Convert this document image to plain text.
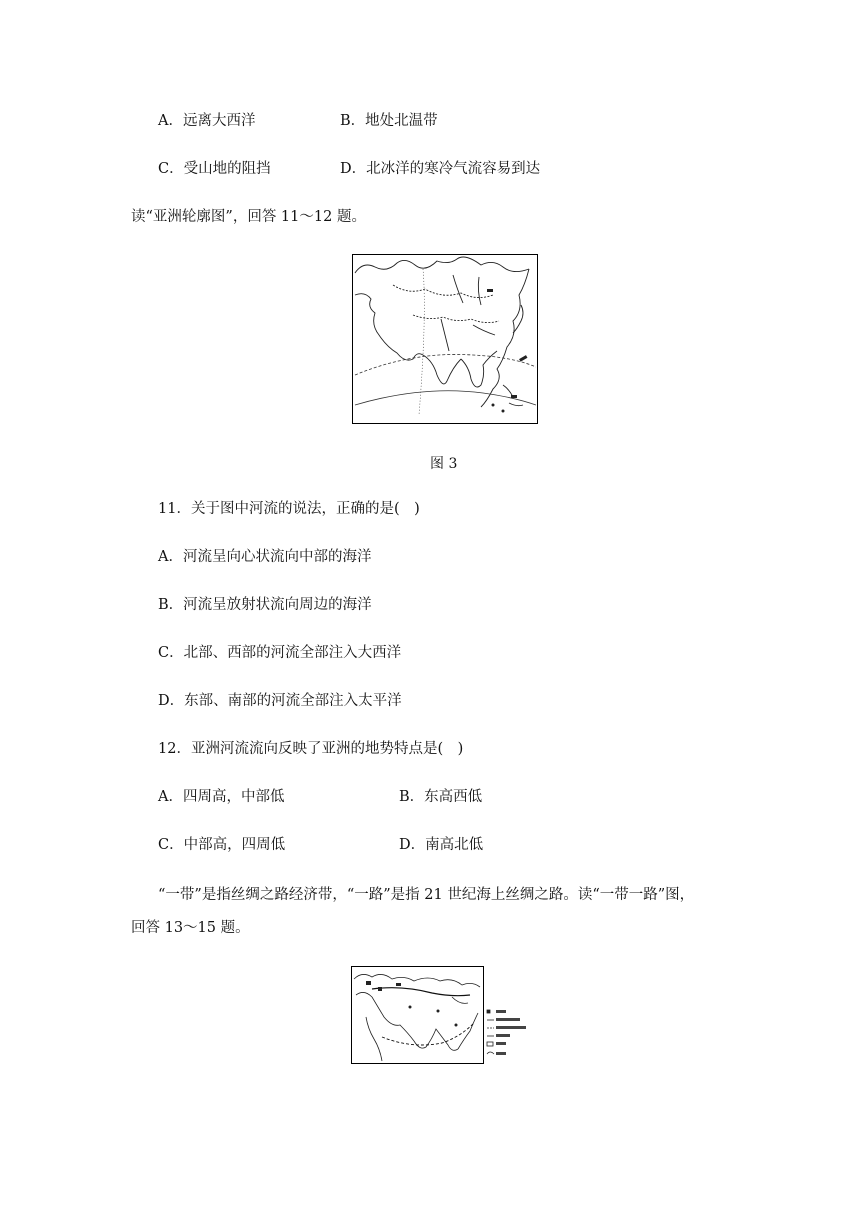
A．远离大西洋	B．地处北温带
C．受山地的阻挡	D．北冰洋的寒冷气流容易到达
读“亚洲轮廓图”，回答 11～12 题。
图 3
11．关于图中河流的说法，正确的是(　)
A．河流呈向心状流向中部的海洋
B．河流呈放射状流向周边的海洋
C．北部、西部的河流全部注入大西洋
D．东部、南部的河流全部注入太平洋
12．亚洲河流流向反映了亚洲的地势特点是(　)
A．四周高，中部低	B．东高西低
C．中部高，四周低	D．南高北低
“一带”是指丝绸之路经济带，“一路”是指 21 世纪海上丝绸之路。读“一带一路”图，
回答 13～15 题。
